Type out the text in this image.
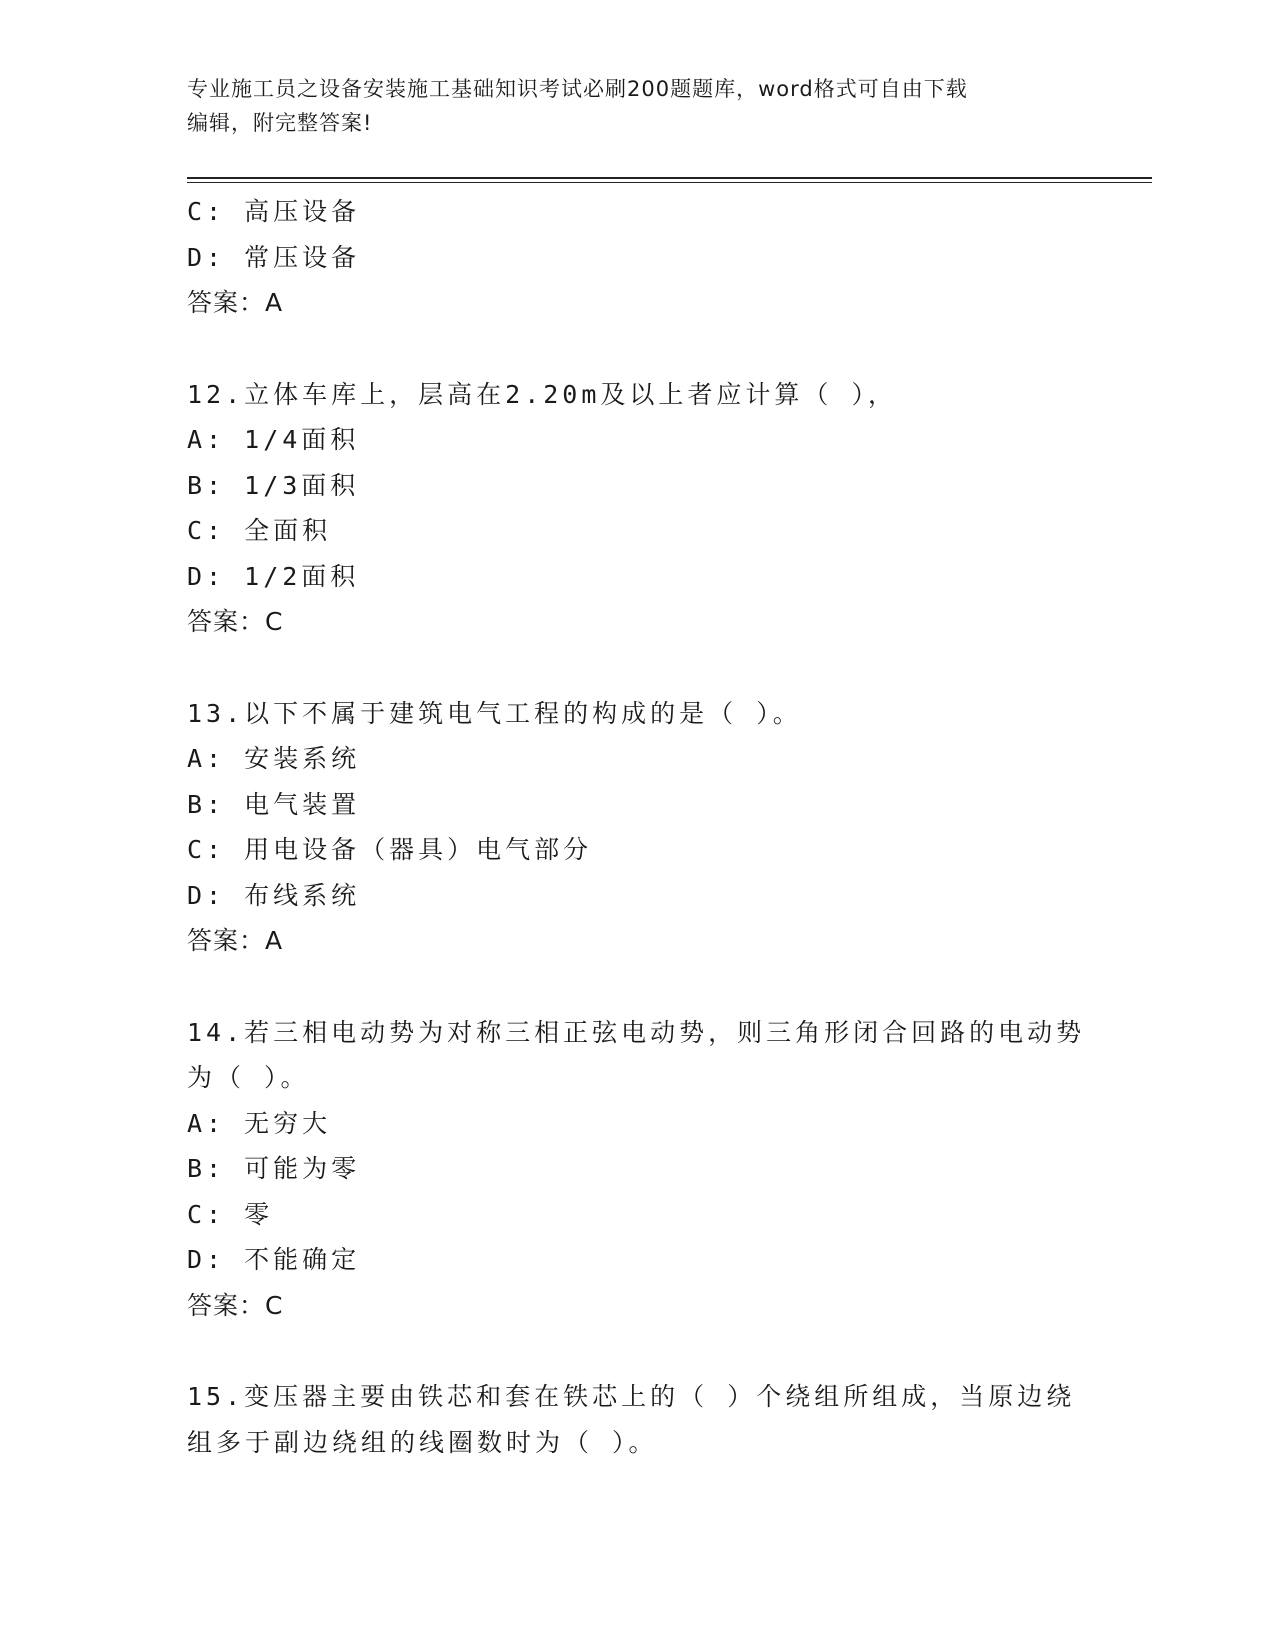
专业施工员之设备安装施工基础知识考试必刷200题题库，word格式可自由下载
编辑，附完整答案!
C: 高压设备
D: 常压设备
答案：A
12.立体车库上，层高在2.20m及以上者应计算（ ），
A: 1/4面积
B: 1/3面积
C: 全面积
D: 1/2面积
答案：C
13.以下不属于建筑电气工程的构成的是（ ）。
A: 安装系统
B: 电气装置
C: 用电设备（器具）电气部分
D: 布线系统
答案：A
14.若三相电动势为对称三相正弦电动势，则三角形闭合回路的电动势
为（ ）。
A: 无穷大
B: 可能为零
C: 零
D: 不能确定
答案：C
15.变压器主要由铁芯和套在铁芯上的（ ）个绕组所组成，当原边绕
组多于副边绕组的线圈数时为（ ）。
